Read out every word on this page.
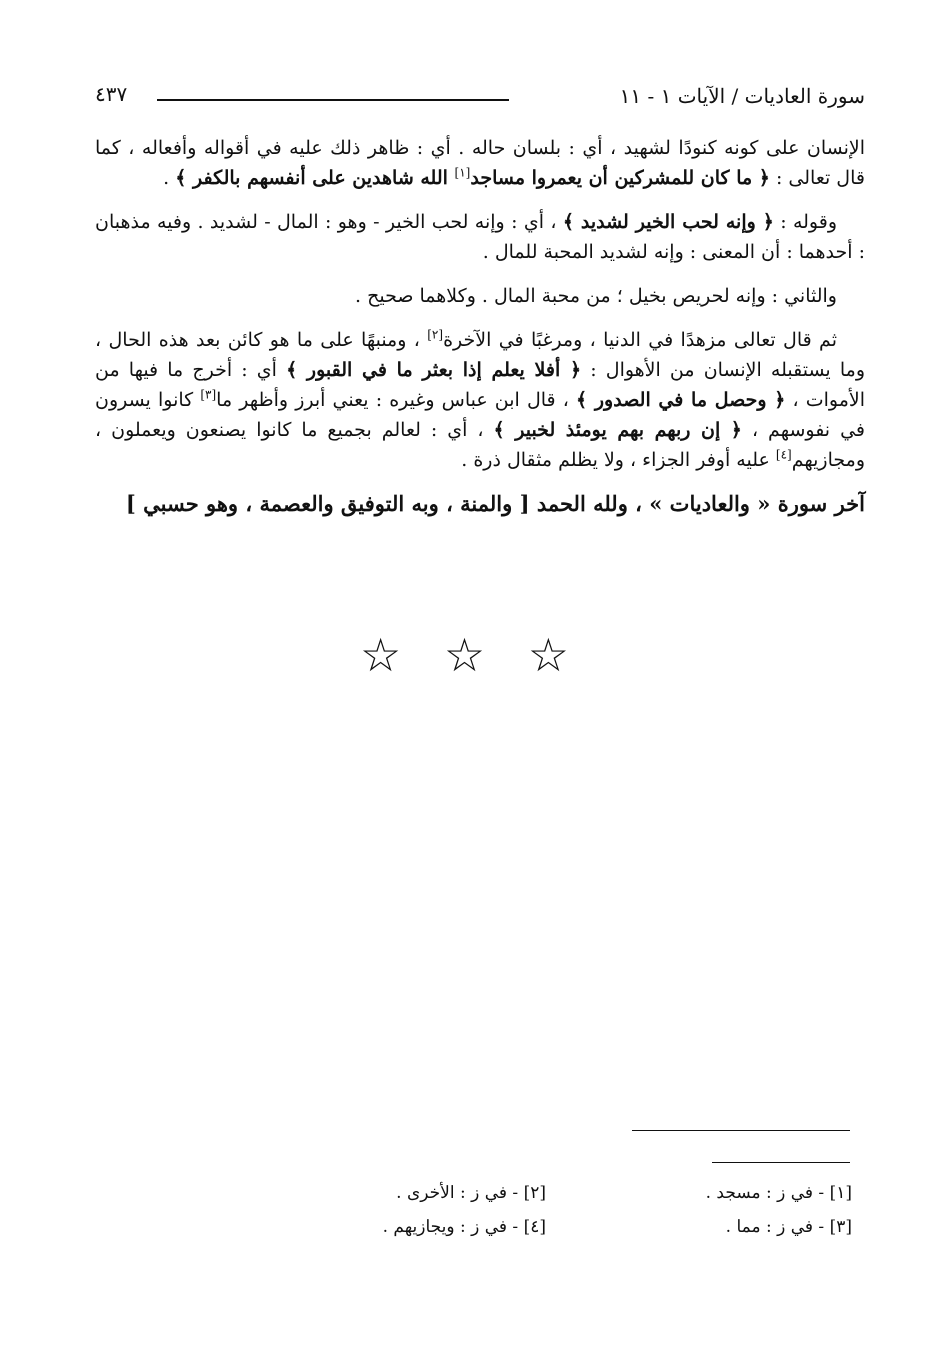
سورة العاديات / الآيات ١ - ١١
٤٣٧

الإنسان على كونه كنودًا لشهيد ، أي : بلسان حاله . أي : ظاهر ذلك عليه في أقواله وأفعاله ، كما قال تعالى : ﴿ ما كان للمشركين أن يعمروا مساجد[١] الله شاهدين على أنفسهم بالكفر ﴾ .

وقوله : ﴿ وإنه لحب الخير لشديد ﴾ ، أي : وإنه لحب الخير - وهو : المال - لشديد . وفيه مذهبان : أحدهما : أن المعنى : وإنه لشديد المحبة للمال .

والثاني : وإنه لحريص بخيل ؛ من محبة المال . وكلاهما صحيح .

ثم قال تعالى مزهدًا في الدنيا ، ومرغبًا في الآخرة[٢] ، ومنبهًا على ما هو كائن بعد هذه الحال ، وما يستقبله الإنسان من الأهوال : ﴿ أفلا يعلم إذا بعثر ما في القبور ﴾ أي : أخرج ما فيها من الأموات ، ﴿ وحصل ما في الصدور ﴾ ، قال ابن عباس وغيره : يعني أبرز وأظهر ما[٣] كانوا يسرون في نفوسهم ، ﴿ إن ربهم بهم يومئذ لخبير ﴾ ، أي : لعالم بجميع ما كانوا يصنعون ويعملون ، ومجازيهم[٤] عليه أوفر الجزاء ، ولا يظلم مثقال ذرة .

آخر سورة « والعاديات » ، ولله الحمد [ والمنة ، وبه التوفيق والعصمة ، وهو حسبي ]

☆ ☆ ☆
[١] - في ز : مسجد .
[٢] - في ز : الأخرى .
[٣] - في ز : مما .
[٤] - في ز : ويجازيهم .
